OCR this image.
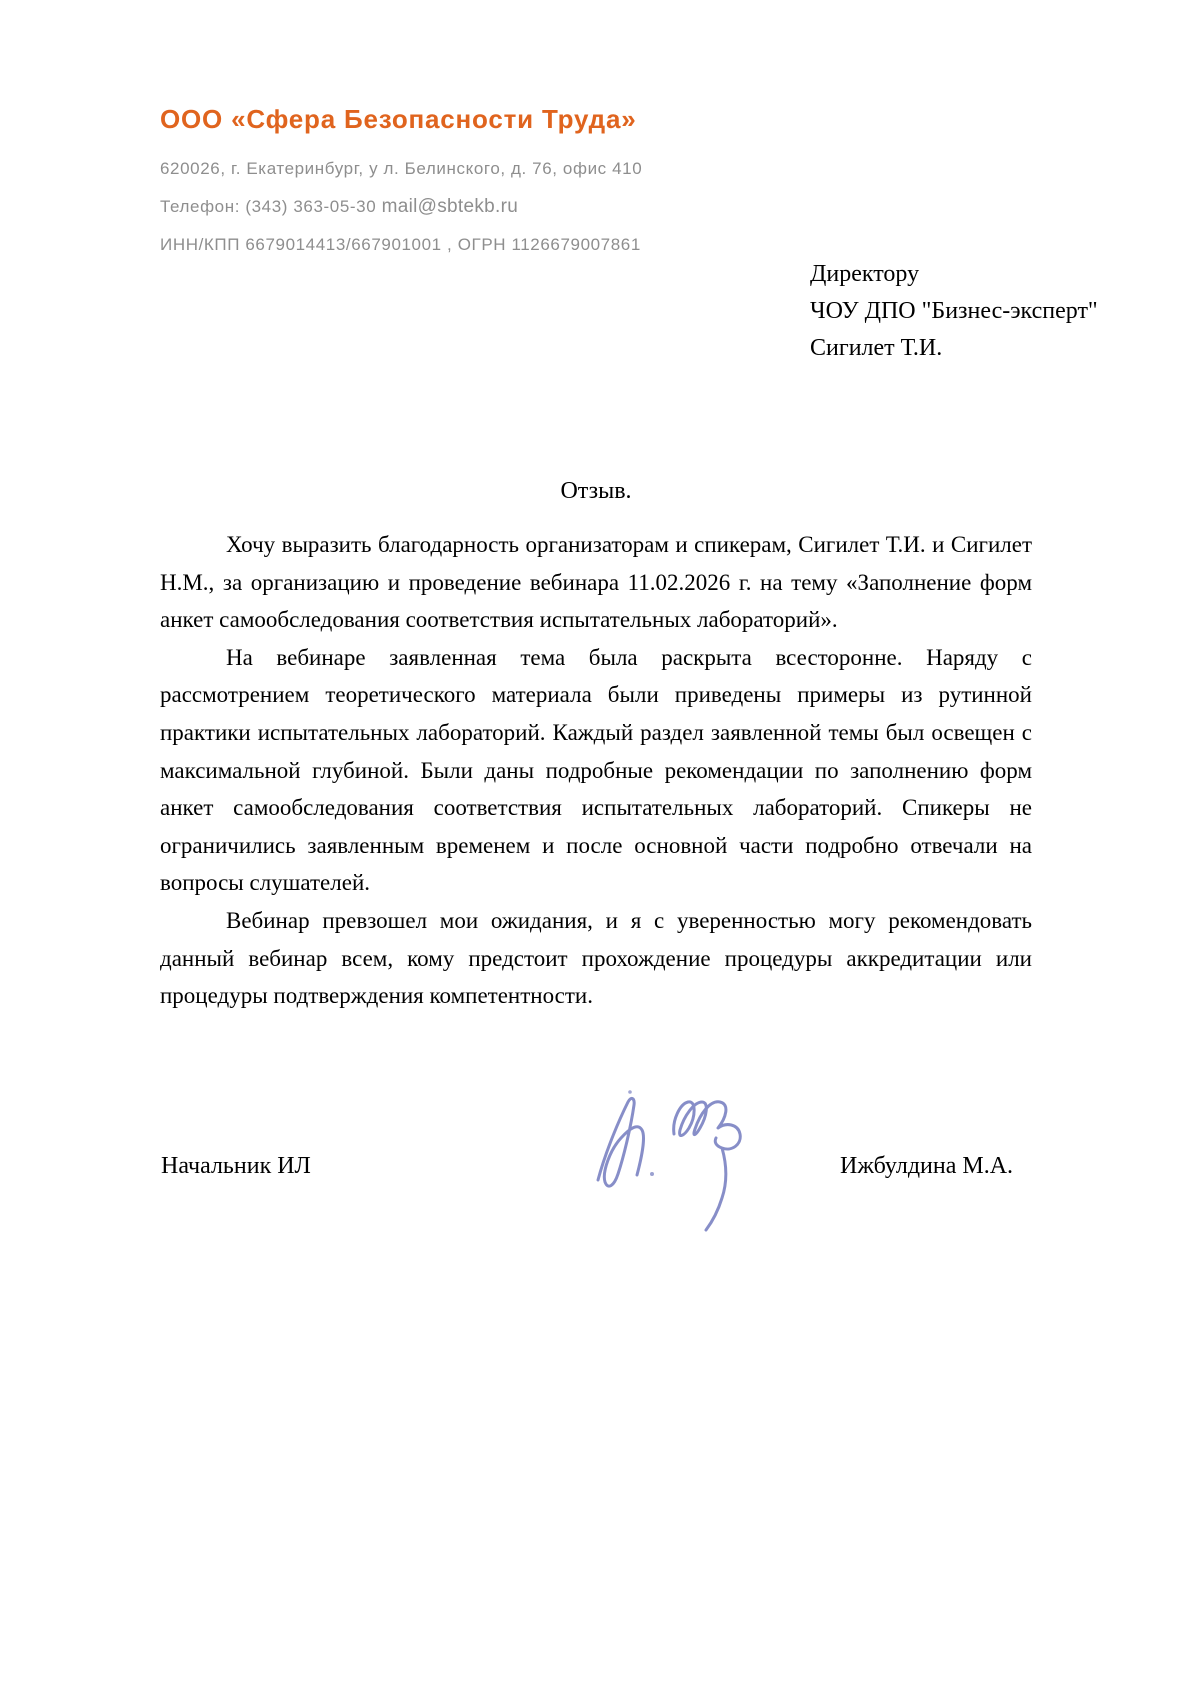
ООО «Сфера Безопасности Труда»
620026, г. Екатеринбург, у л. Белинского, д. 76, офис 410
Телефон: (343) 363-05-30 mail@sbtekb.ru
ИНН/КПП 6679014413/667901001 , ОГРН 1126679007861
Директору
ЧОУ ДПО "Бизнес-эксперт"
Сигилет Т.И.
Отзыв.

Хочу выразить благодарность организаторам и спикерам, Сигилет Т.И. и Сигилет Н.М., за организацию и проведение вебинара 11.02.2026 г. на тему «Заполнение форм анкет самообследования соответствия испытательных лабораторий».

На вебинаре заявленная тема была раскрыта всесторонне. Наряду с рассмотрением теоретического материала были приведены примеры из рутинной практики испытательных лабораторий. Каждый раздел заявленной темы был освещен с максимальной глубиной. Были даны подробные рекомендации по заполнению форм анкет самообследования соответствия испытательных лабораторий. Спикеры не ограничились заявленным временем и после основной части подробно отвечали на вопросы слушателей.

Вебинар превзошел мои ожидания, и я с уверенностью могу рекомендовать данный вебинар всем, кому предстоит прохождение процедуры аккредитации или процедуры подтверждения компетентности.

Начальник ИЛ	Ижбулдина М.А.
